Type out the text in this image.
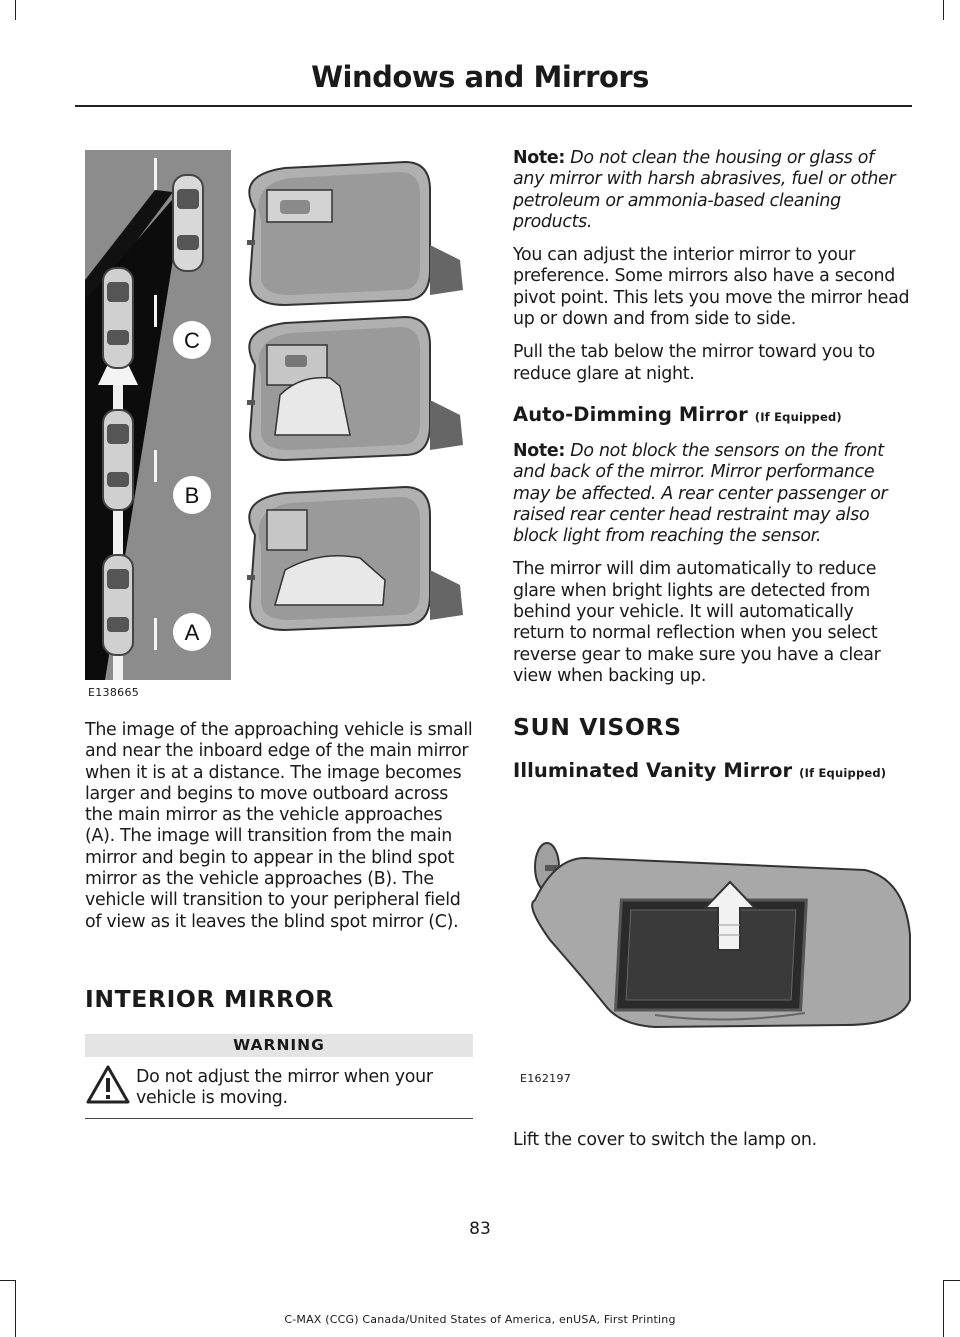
Windows and Mirrors
C
B
A
E138665

The image of the approaching vehicle is small and near the inboard edge of the main mirror when it is at a distance. The image becomes larger and begins to move outboard across the main mirror as the vehicle approaches (A). The image will transition from the main mirror and begin to appear in the blind spot mirror as the vehicle approaches (B). The vehicle will transition to your peripheral field of view as it leaves the blind spot mirror (C).

INTERIOR MIRROR
WARNING
Do not adjust the mirror when your vehicle is moving.

Note: Do not clean the housing or glass of any mirror with harsh abrasives, fuel or other petroleum or ammonia-based cleaning products.

You can adjust the interior mirror to your preference. Some mirrors also have a second pivot point. This lets you move the mirror head up or down and from side to side.

Pull the tab below the mirror toward you to reduce glare at night.

Auto-Dimming Mirror (If Equipped)

Note: Do not block the sensors on the front and back of the mirror. Mirror performance may be affected. A rear center passenger or raised rear center head restraint may also block light from reaching the sensor.

The mirror will dim automatically to reduce glare when bright lights are detected from behind your vehicle. It will automatically return to normal reflection when you select reverse gear to make sure you have a clear view when backing up.

SUN VISORS

Illuminated Vanity Mirror (If Equipped)

E162197
Lift the cover to switch the lamp on.
83
C-MAX (CCG) Canada/United States of America, enUSA, First Printing
